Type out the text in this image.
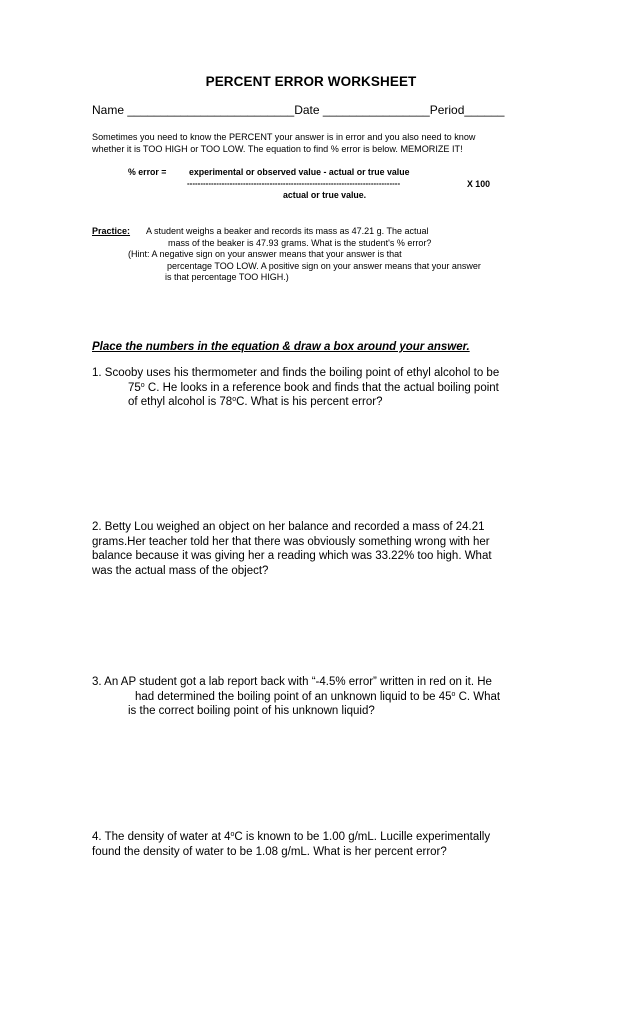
PERCENT ERROR WORKSHEET
Name _________________________Date ________________Period______
Sometimes you need to know the PERCENT your answer is in error and you also need to know
whether it is TOO HIGH or TOO LOW. The equation to find % error is below. MEMORIZE IT!
% error =	experimental or observed value - actual or true value
--------------------------------------------------------------------------------	X 100
actual or true value.
Practice: A student weighs a beaker and records its mass as 47.21 g. The actual
mass of the beaker is 47.93 grams. What is the student's % error?
(Hint: A negative sign on your answer means that your answer is that
percentage TOO LOW. A positive sign on your answer means that your answer
is that percentage TOO HIGH.)
Place the numbers in the equation & draw a box around your answer.
1. Scooby uses his thermometer and finds the boiling point of ethyl alcohol to be
75$^o$ C. He looks in a reference book and finds that the actual boiling point
of ethyl alcohol is 78$^o$C. What is his percent error?
2. Betty Lou weighed an object on her balance and recorded a mass of 24.21
grams.Her teacher told her that there was obviously something wrong with her
balance because it was giving her a reading which was 33.22% too high. What
was the actual mass of the object?
3. An AP student got a lab report back with “-4.5% error” written in red on it. He
had determined the boiling point of an unknown liquid to be 45$^o$ C. What
is the correct boiling point of his unknown liquid?
4. The density of water at 4$^o$C is known to be 1.00 g/mL. Lucille experimentally
found the density of water to be 1.08 g/mL. What is her percent error?
